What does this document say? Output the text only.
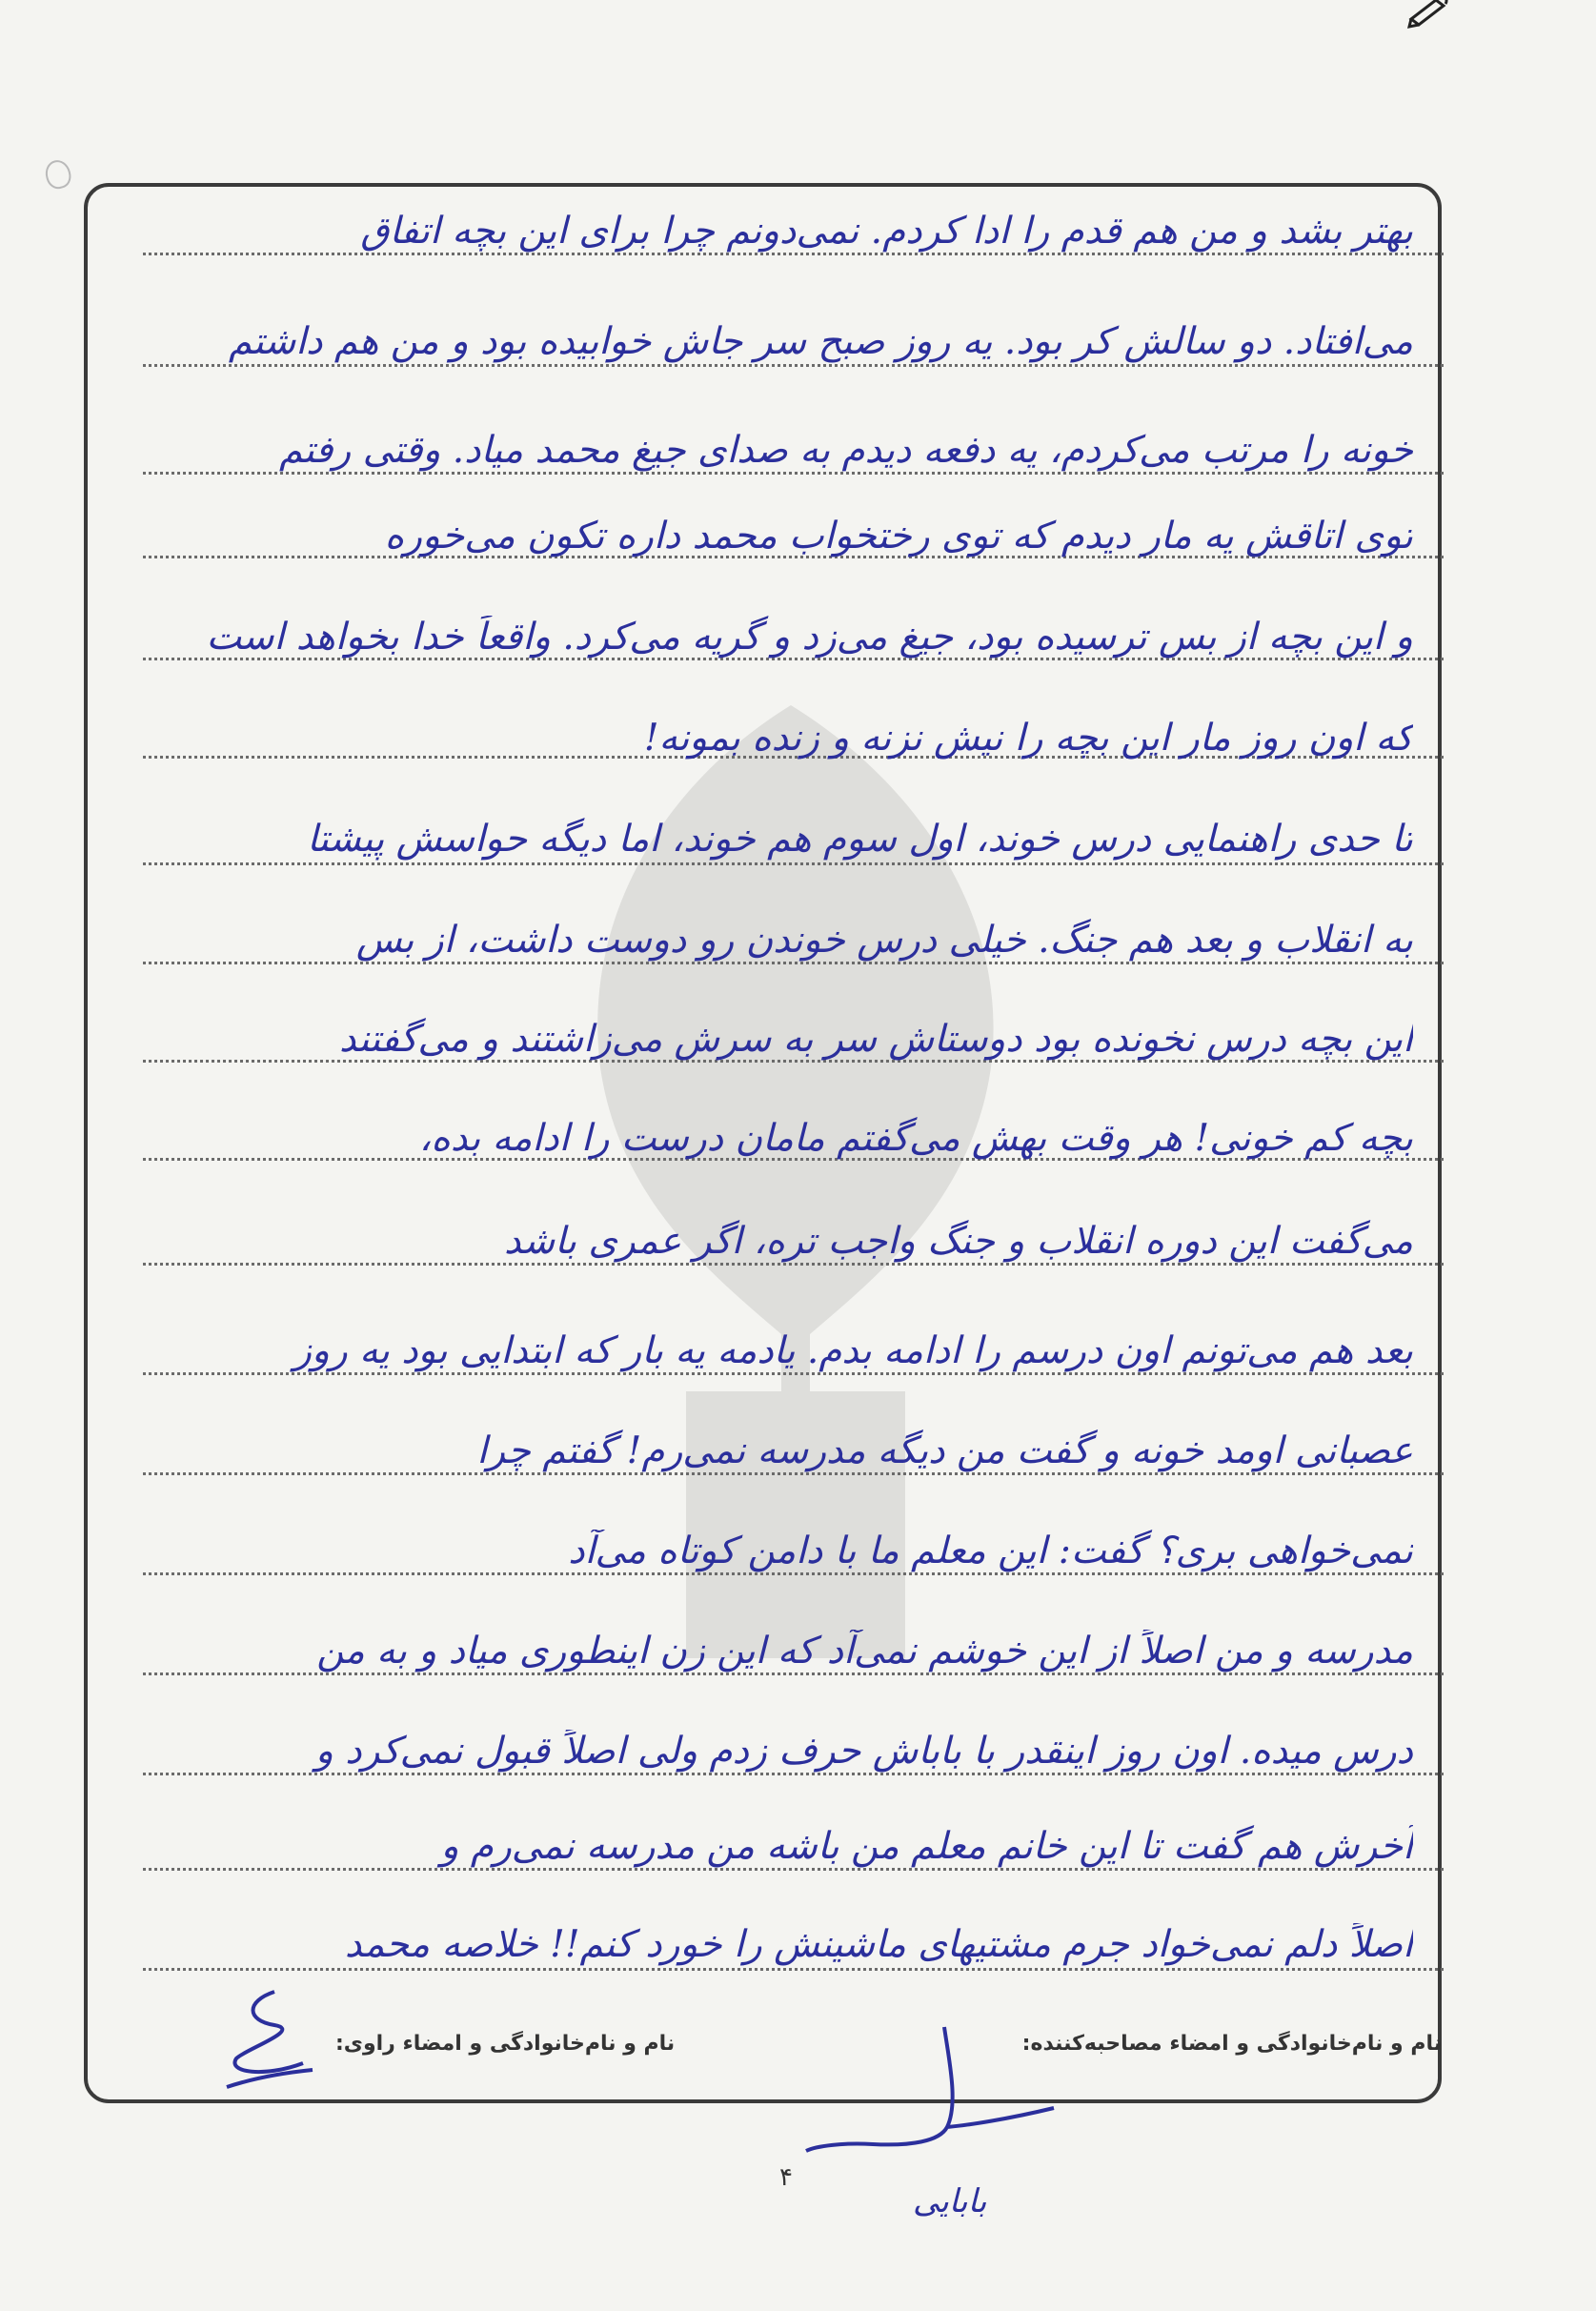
بهتر بشد و من هم قدم را ادا کردم. نمی‌دونم چرا برای این بچه اتفاق
می‌افتاد. دو سالش کر بود. یه روز صبح سر جاش خوابیده بود و من هم داشتم
خونه را مرتب می‌کردم، یه دفعه دیدم به صدای جیغ محمد میاد. وقتی رفتم
توی اتاقش یه مار دیدم که توی رختخواب محمد داره تکون می‌خوره
و این بچه از بس ترسیده بود، جیغ می‌زد و گریه می‌کرد. واقعاً خدا بخواهد است
که اون روز مار این بچه را نیش نزنه و زنده بمونه!
تا حدی راهنمایی درس خوند، اول سوم هم خوند، اما دیگه حواسش پیشتا
به انقلاب و بعد هم جنگ. خیلی درس خوندن رو دوست داشت، از بس
این بچه درس نخونده بود دوستاش سر به سرش می‌زاشتند و می‌گفتند
بچه کم خونی! هر وقت بهش می‌گفتم مامان درست را ادامه بده،
می‌گفت این دوره انقلاب و جنگ واجب تره، اگر عمری باشد
بعد هم می‌تونم اون درسم را ادامه بدم. یادمه یه بار که ابتدایی بود یه روز
عصبانی اومد خونه و گفت من دیگه مدرسه نمی‌رم! گفتم چرا
نمی‌خواهی بری؟ گفت: این معلم ما با دامن کوتاه می‌آد
مدرسه و من اصلاً از این خوشم نمی‌آد که این زن اینطوری میاد و به من
درس میده. اون روز اینقدر با باباش حرف زدم ولی اصلاً قبول نمی‌کرد و
آخرش هم گفت تا این خانم معلم من باشه من مدرسه نمی‌رم و
اصلاً دلم نمی‌خواد جرم مشتیهای ماشینش را خورد کنم!! خلاصه محمد
نام و نام‌خانوادگی و امضاء مصاحبه‌کننده:
نام و نام‌خانوادگی و امضاء راوی:
۴
بابایی
